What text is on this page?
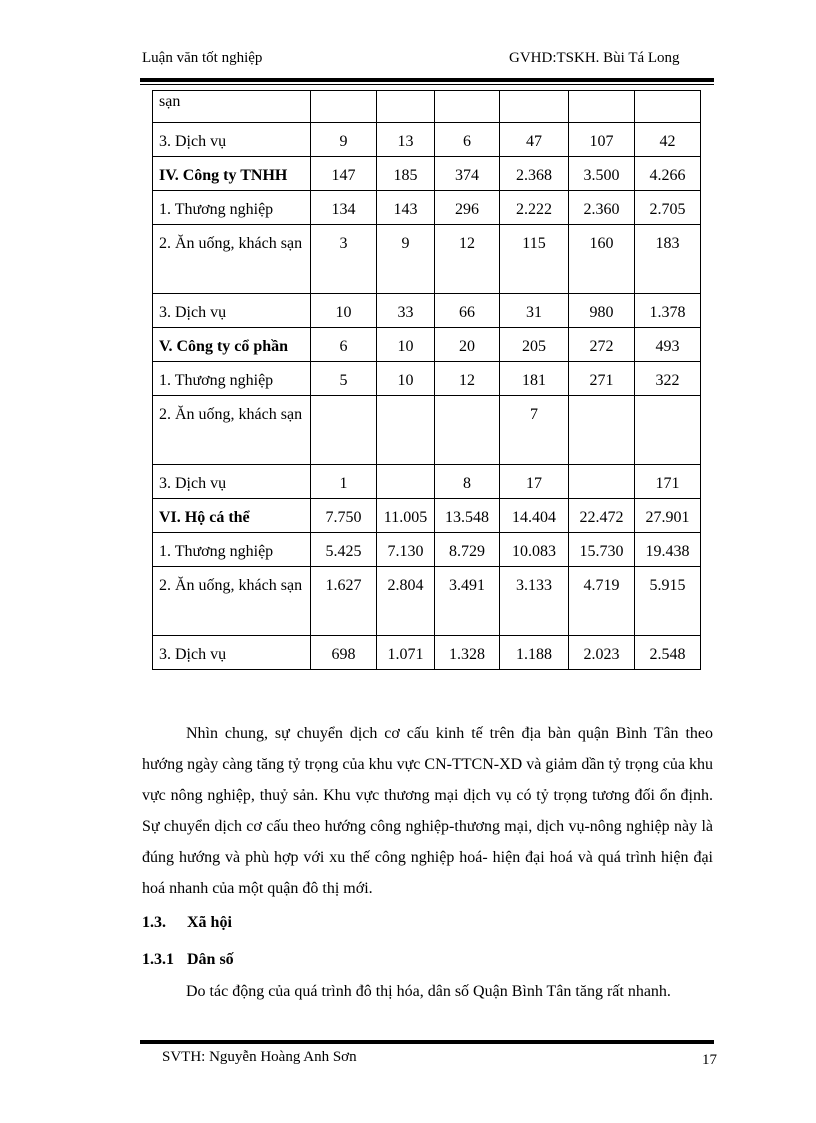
Luận văn tốt nghiệp	GVHD:TSKH. Bùi Tá Long
sạn						
3. Dịch vụ	9	13	6	47	107	42
IV. Công ty TNHH	147	185	374	2.368	3.500	4.266
1. Thương nghiệp	134	143	296	2.222	2.360	2.705
2. Ăn uống, khách sạn	3	9	12	115	160	183
3. Dịch vụ	10	33	66	31	980	1.378
V. Công ty cổ phần	6	10	20	205	272	493
1. Thương nghiệp	5	10	12	181	271	322
2. Ăn uống, khách sạn				7		
3. Dịch vụ	1		8	17		171
VI. Hộ cá thể	7.750	11.005	13.548	14.404	22.472	27.901
1. Thương nghiệp	5.425	7.130	8.729	10.083	15.730	19.438
2. Ăn uống, khách sạn	1.627	2.804	3.491	3.133	4.719	5.915
3. Dịch vụ	698	1.071	1.328	1.188	2.023	2.548
Nhìn chung, sự chuyển dịch cơ cấu kinh tế trên địa bàn quận Bình Tân theo hướng ngày càng tăng tỷ trọng của khu vực CN-TTCN-XD và giảm dần tỷ trọng của khu vực nông nghiệp, thuỷ sản. Khu vực thương mại dịch vụ có tỷ trọng tương đối ổn định. Sự chuyển dịch cơ cấu theo hướng công nghiệp-thương mại, dịch vụ-nông nghiệp này là đúng hướng và phù hợp với xu thế công nghiệp hoá- hiện đại hoá và quá trình hiện đại hoá nhanh của một quận đô thị mới.
1.3. Xã hội
1.3.1 Dân số
Do tác động của quá trình đô thị hóa, dân số Quận Bình Tân tăng rất nhanh.
SVTH: Nguyễn Hoàng Anh Sơn	17
